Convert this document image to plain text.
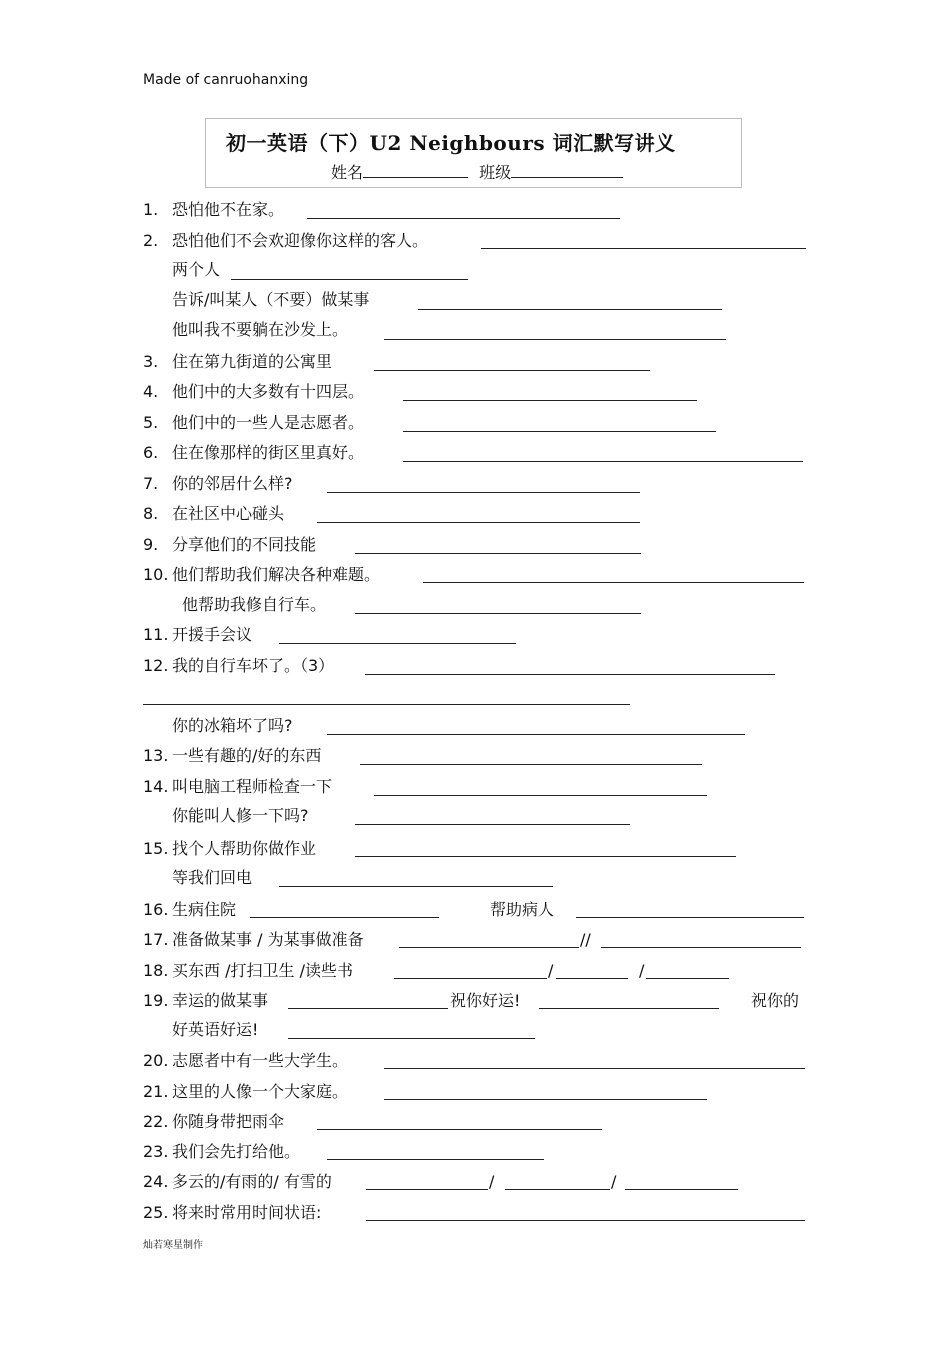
Made of canruohanxing
初一英语（下）U2 Neighbours 词汇默写讲义
姓名	班级
1. 恐怕他不在家。
2. 恐怕他们不会欢迎像你这样的客人。
两个人
告诉/叫某人（不要）做某事
他叫我不要躺在沙发上。
3. 住在第九街道的公寓里
4. 他们中的大多数有十四层。
5. 他们中的一些人是志愿者。
6. 住在像那样的街区里真好。
7. 你的邻居什么样?
8. 在社区中心碰头
9. 分享他们的不同技能
10. 他们帮助我们解决各种难题。
他帮助我修自行车。
11. 开援手会议
12. 我的自行车坏了。（3）
你的冰箱坏了吗?
13. 一些有趣的/好的东西
14. 叫电脑工程师检查一下
你能叫人修一下吗?
15. 找个人帮助你做作业
等我们回电
16. 生病住院	帮助病人
17. 准备做某事 / 为某事做准备	//
18. 买东西 /打扫卫生 /读些书	/	/
19. 幸运的做某事	祝你好运!	祝你的
好英语好运!
20. 志愿者中有一些大学生。
21. 这里的人像一个大家庭。
22. 你随身带把雨伞
23. 我们会先打给他。
24. 多云的/有雨的/ 有雪的	/	/
25. 将来时常用时间状语:
灿若寒星制作
